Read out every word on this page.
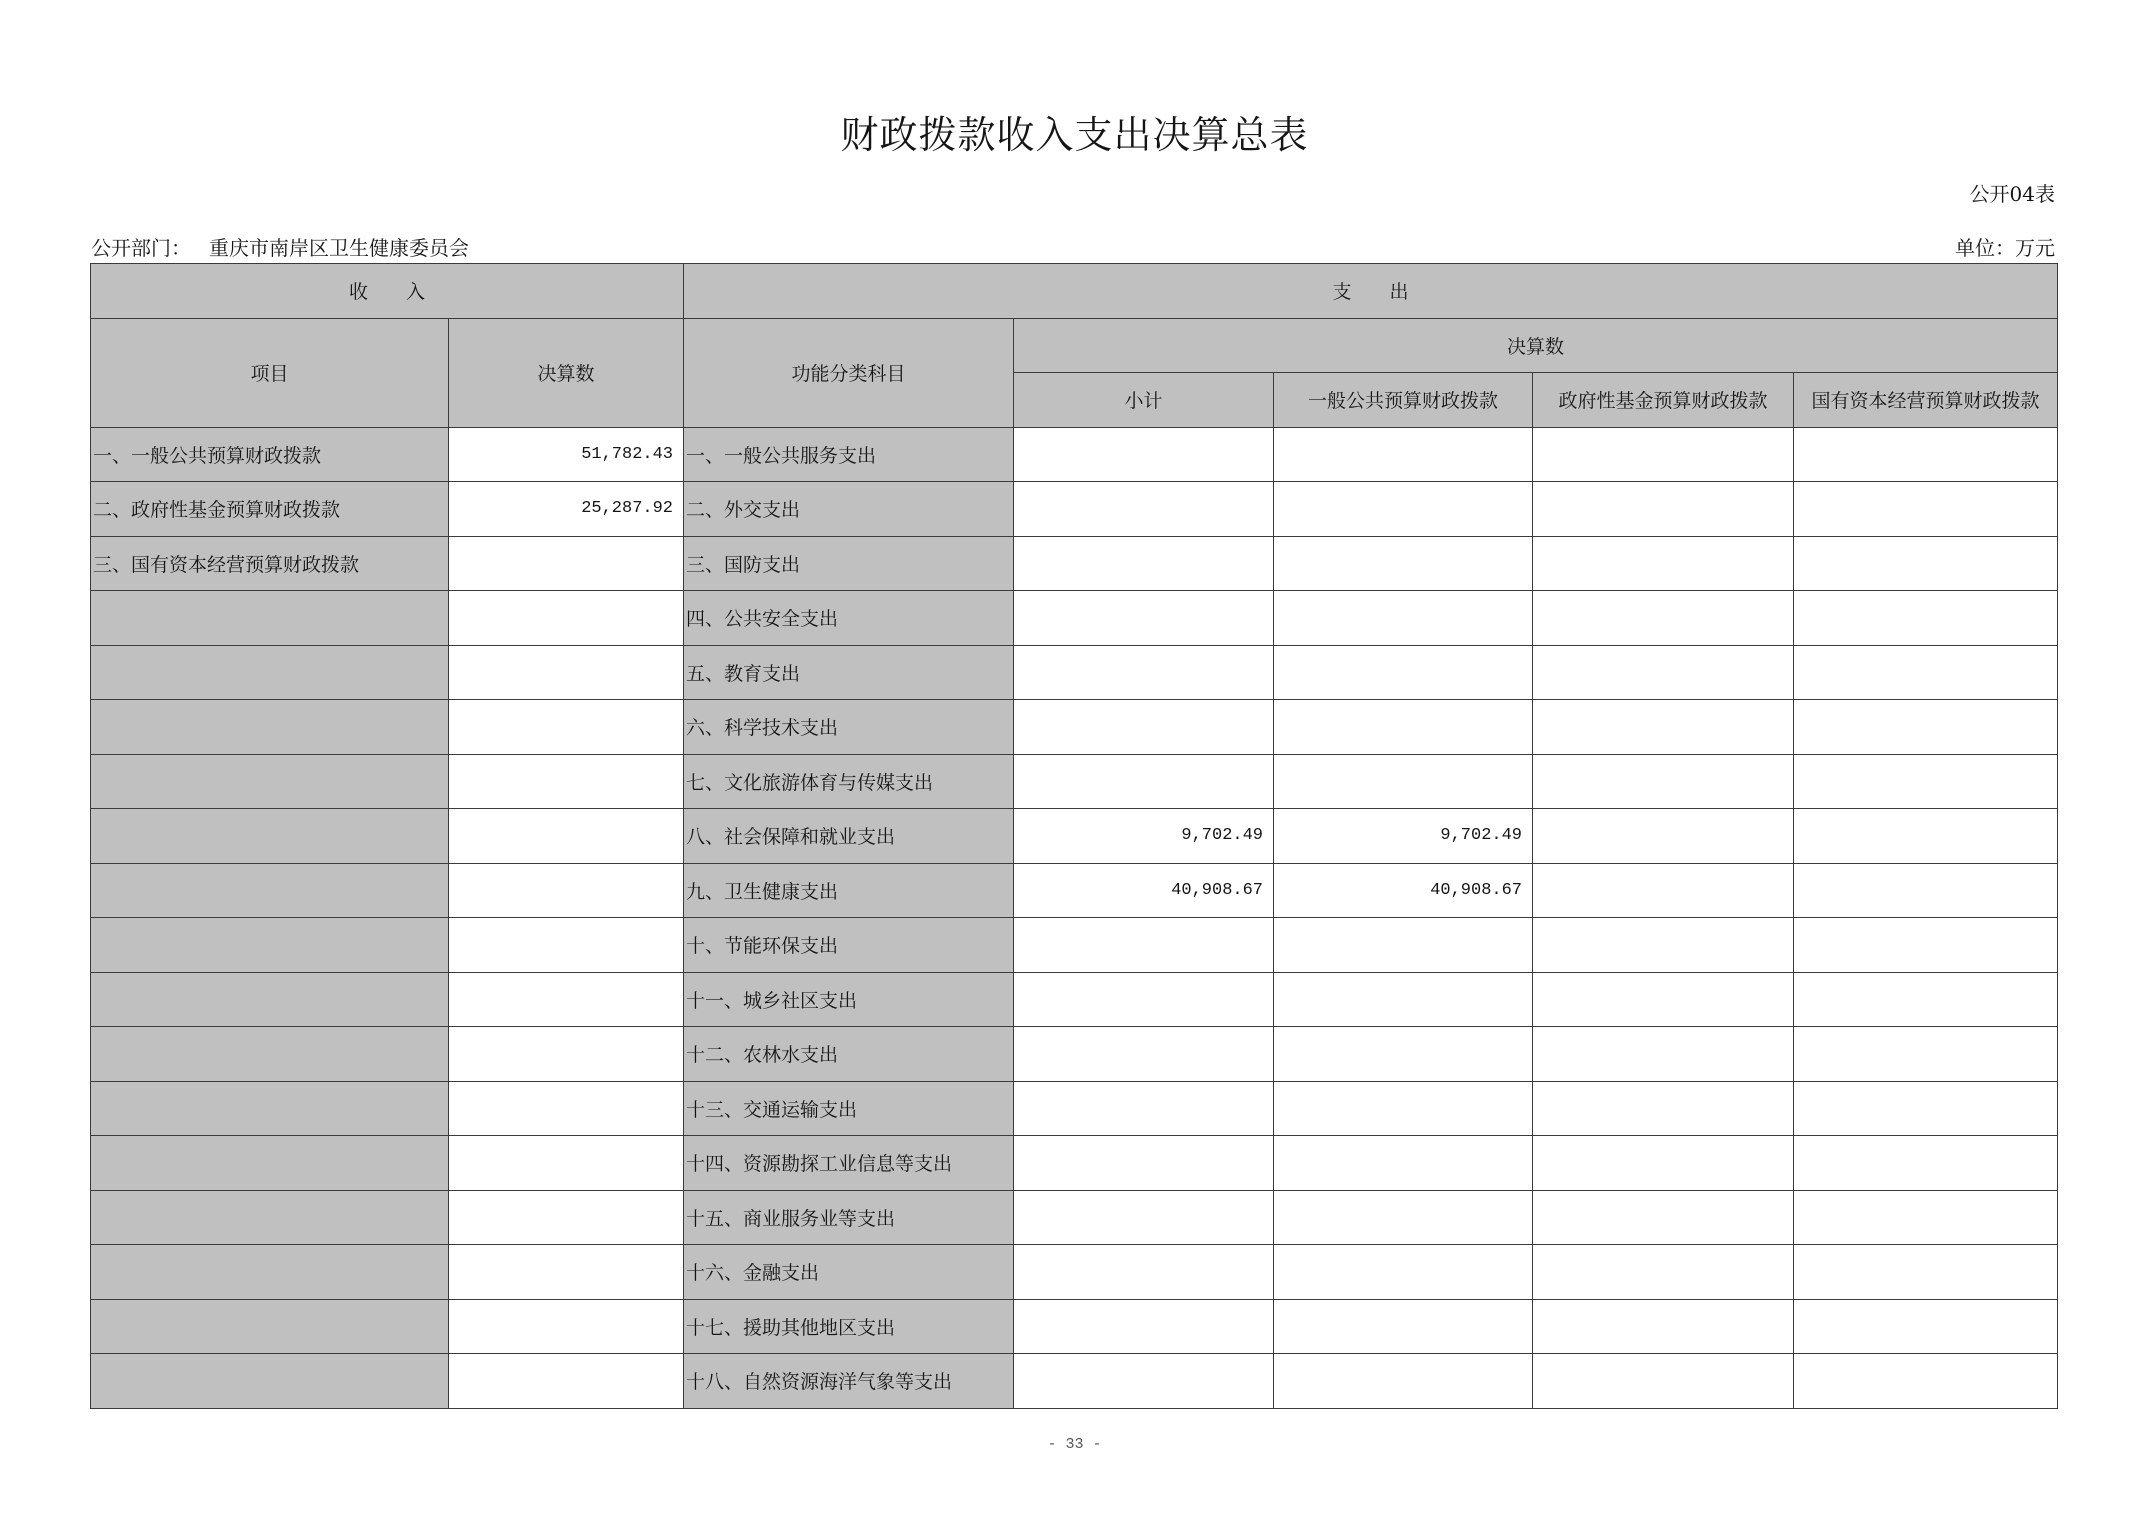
财政拨款收入支出决算总表
公开04表
公开部门： 重庆市南岸区卫生健康委员会	单位：万元
收　　入		支　　出				
项目	决算数	功能分类科目	决算数			
			小计	一般公共预算财政拨款	政府性基金预算财政拨款	国有资本经营预算财政拨款
一、一般公共预算财政拨款	51,782.43	一、一般公共服务支出				
二、政府性基金预算财政拨款	25,287.92	二、外交支出				
三、国有资本经营预算财政拨款		三、国防支出				
		四、公共安全支出				
		五、教育支出				
		六、科学技术支出				
		七、文化旅游体育与传媒支出				
		八、社会保障和就业支出	9,702.49	9,702.49		
		九、卫生健康支出	40,908.67	40,908.67		
		十、节能环保支出				
		十一、城乡社区支出				
		十二、农林水支出				
		十三、交通运输支出				
		十四、资源勘探工业信息等支出				
		十五、商业服务业等支出				
		十六、金融支出				
		十七、援助其他地区支出				
		十八、自然资源海洋气象等支出				
- 33 -
